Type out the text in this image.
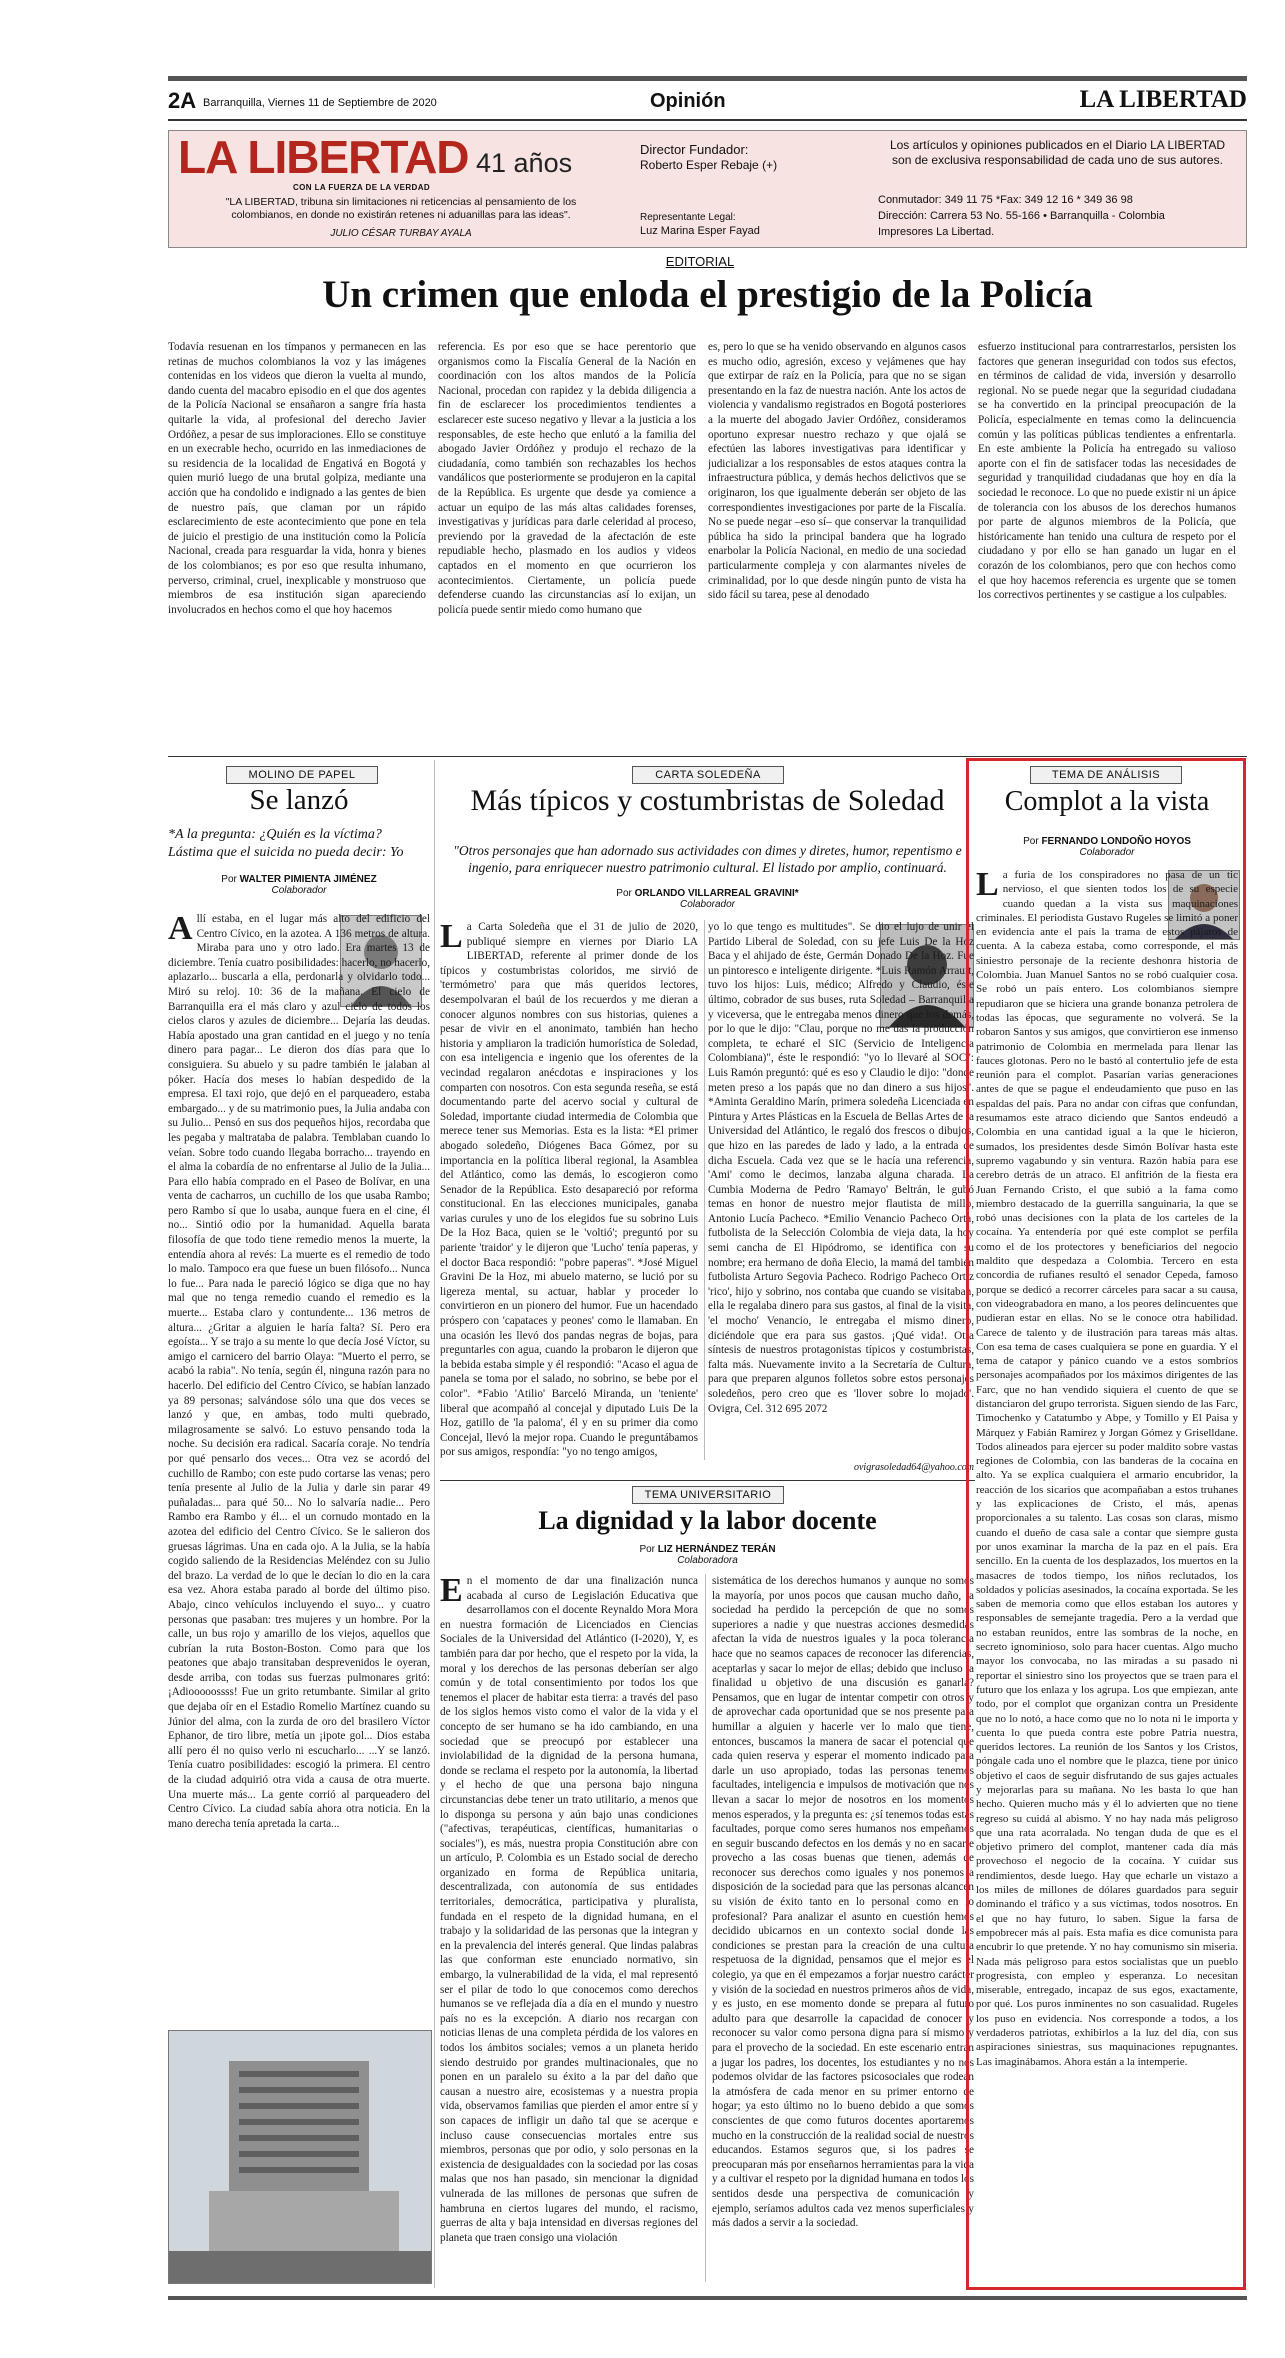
2A Barranquilla, Viernes 11 de Septiembre de 2020	Opinión	LA LIBERTAD
LA LIBERTAD 41 años
CON LA FUERZA DE LA VERDAD
"LA LIBERTAD, tribuna sin limitaciones ni reticencias al pensamiento de los colombianos, en donde no existirán retenes ni aduanillas para las ideas".
JULIO CÉSAR TURBAY AYALA
Director Fundador:
Roberto Esper Rebaje (+)
Representante Legal:
Luz Marina Esper Fayad
Los artículos y opiniones publicados en el Diario LA LIBERTAD son de exclusiva responsabilidad de cada uno de sus autores.
Conmutador: 349 11 75 *Fax: 349 12 16 * 349 36 98
Dirección: Carrera 53 No. 55-166 • Barranquilla - Colombia
Impresores La Libertad.
EDITORIAL
Un crimen que enloda el prestigio de la Policía
Todavía resuenan en los tímpanos y permanecen en las retinas de muchos colombianos la voz y las imágenes contenidas en los videos que dieron la vuelta al mundo, dando cuenta del macabro episodio en el que dos agentes de la Policía Nacional se ensañaron a sangre fría hasta quitarle la vida, al profesional del derecho Javier Ordóñez, a pesar de sus imploraciones. Ello se constituye en un execrable hecho, ocurrido en las inmediaciones de su residencia de la localidad de Engativá en Bogotá y quien murió luego de una brutal golpiza, mediante una acción que ha condolido e indignado a las gentes de bien de nuestro país, que claman por un rápido esclarecimiento de este acontecimiento que pone en tela de juicio el prestigio de una institución como la Policía Nacional, creada para resguardar la vida, honra y bienes de los colombianos; es por eso que resulta inhumano, perverso, criminal, cruel, inexplicable y monstruoso que miembros de esa institución sigan apareciendo involucrados en hechos como el que hoy hacemos
referencia. Es por eso que se hace perentorio que organismos como la Fiscalía General de la Nación en coordinación con los altos mandos de la Policía Nacional, procedan con rapidez y la debida diligencia a fin de esclarecer los procedimientos tendientes a esclarecer este suceso negativo y llevar a la justicia a los responsables, de este hecho que enlutó a la familia del abogado Javier Ordóñez y produjo el rechazo de la ciudadanía, como también son rechazables los hechos vandálicos que posteriormente se produjeron en la capital de la República. Es urgente que desde ya comience a actuar un equipo de las más altas calidades forenses, investigativas y jurídicas para darle celeridad al proceso, previendo por la gravedad de la afectación de este repudiable hecho, plasmado en los audios y videos captados en el momento en que ocurrieron los acontecimientos. Ciertamente, un policía puede defenderse cuando las circunstancias así lo exijan, un policía puede sentir miedo como humano que
es, pero lo que se ha venido observando en algunos casos es mucho odio, agresión, exceso y vejámenes que hay que extirpar de raíz en la Policía, para que no se sigan presentando en la faz de nuestra nación. Ante los actos de violencia y vandalismo registrados en Bogotá posteriores a la muerte del abogado Javier Ordóñez, consideramos oportuno expresar nuestro rechazo y que ojalá se efectúen las labores investigativas para identificar y judicializar a los responsables de estos ataques contra la infraestructura pública, y demás hechos delictivos que se originaron, los que igualmente deberán ser objeto de las correspondientes investigaciones por parte de la Fiscalía. No se puede negar –eso sí– que conservar la tranquilidad pública ha sido la principal bandera que ha logrado enarbolar la Policía Nacional, en medio de una sociedad particularmente compleja y con alarmantes niveles de criminalidad, por lo que desde ningún punto de vista ha sido fácil su tarea, pese al denodado
esfuerzo institucional para contrarrestarlos, persisten los factores que generan inseguridad con todos sus efectos, en términos de calidad de vida, inversión y desarrollo regional. No se puede negar que la seguridad ciudadana se ha convertido en la principal preocupación de la Policía, especialmente en temas como la delincuencia común y las políticas públicas tendientes a enfrentarla. En este ambiente la Policía ha entregado su valioso aporte con el fin de satisfacer todas las necesidades de seguridad y tranquilidad ciudadanas que hoy en día la sociedad le reconoce. Lo que no puede existir ni un ápice de tolerancia con los abusos de los derechos humanos por parte de algunos miembros de la Policía, que históricamente han tenido una cultura de respeto por el ciudadano y por ello se han ganado un lugar en el corazón de los colombianos, pero que con hechos como el que hoy hacemos referencia es urgente que se tomen los correctivos pertinentes y se castigue a los culpables.
MOLINO DE PAPEL
Se lanzó
*A la pregunta: ¿Quién es la víctima? Lástima que el suicida no pueda decir: Yo
Por WALTER PIMIENTA JIMÉNEZ
Colaborador
Allí estaba, en el lugar más alto del edificio del Centro Cívico, en la azotea. A 136 metros de altura. Miraba para uno y otro lado. Era martes 13 de diciembre. Tenía cuatro posibilidades: hacerlo, no hacerlo, aplazarlo... buscarla a ella, perdonarla y olvidarlo todo... Miró su reloj. 10: 36 de la mañana. El cielo de Barranquilla era el más claro y azul cielo de todos los cielos claros y azules de diciembre... Dejaría las deudas. Había apostado una gran cantidad en el juego y no tenía dinero para pagar... Le dieron dos días para que lo consiguiera. Su abuelo y su padre también le jalaban al póker. Hacía dos meses lo habían despedido de la empresa. El taxi rojo, que dejó en el parqueadero, estaba embargado... y de su matrimonio pues, la Julia andaba con su Julio... Pensó en sus dos pequeños hijos, recordaba que les pegaba y maltrataba de palabra. Temblaban cuando lo veían. Sobre todo cuando llegaba borracho... trayendo en el alma la cobardía de no enfrentarse al Julio de la Julia... Para ello había comprado en el Paseo de Bolívar, en una venta de cacharros, un cuchillo de los que usaba Rambo; pero Rambo sí que lo usaba, aunque fuera en el cine, él no... Sintió odio por la humanidad. Aquella barata filosofía de que todo tiene remedio menos la muerte, la entendía ahora al revés: La muerte es el remedio de todo lo malo. Tampoco era que fuese un buen filósofo... Nunca lo fue... Para nada le pareció lógico se diga que no hay mal que no tenga remedio cuando el remedio es la muerte... Estaba claro y contundente... 136 metros de altura... ¿Gritar a alguien le haría falta? Sí. Pero era egoísta... Y se trajo a su mente lo que decía José Víctor, su amigo el carnicero del barrio Olaya: "Muerto el perro, se acabó la rabia". No tenía, según él, ninguna razón para no hacerlo. Del edificio del Centro Cívico, se habían lanzado ya 89 personas; salvándose sólo una que dos veces se lanzó y que, en ambas, todo multi quebrado, milagrosamente se salvó. Lo estuvo pensando toda la noche. Su decisión era radical. Sacaría coraje. No tendría por qué pensarlo dos veces... Otra vez se acordó del cuchillo de Rambo; con este pudo cortarse las venas; pero tenía presente al Julio de la Julia y darle sin parar 49 puñaladas... para qué 50... No lo salvaría nadie... Pero Rambo era Rambo y él... el un cornudo montado en la azotea del edificio del Centro Cívico. Se le salieron dos gruesas lágrimas. Una en cada ojo. A la Julia, se la había cogido saliendo de la Residencias Meléndez con su Julio del brazo. La verdad de lo que le decían lo dio en la cara esa vez. Ahora estaba parado al borde del último piso. Abajo, cinco vehículos incluyendo el suyo... y cuatro personas que pasaban: tres mujeres y un hombre. Por la calle, un bus rojo y amarillo de los viejos, aquellos que cubrían la ruta Boston-Boston. Como para que los peatones que abajo transitaban desprevenidos le oyeran, desde arriba, con todas sus fuerzas pulmonares gritó: ¡Adiooooossss! Fue un grito retumbante. Similar al grito que dejaba oír en el Estadio Romelio Martínez cuando su Júnior del alma, con la zurda de oro del brasilero Víctor Ephanor, de tiro libre, metía un ¡ipote gol... Dios estaba allí pero él no quiso verlo ni escucharlo... ...Y se lanzó. Tenía cuatro posibilidades: escogió la primera. El centro de la ciudad adquirió otra vida a causa de otra muerte. Una muerte más... La gente corrió al parqueadero del Centro Cívico. La ciudad sabía ahora otra noticia. En la mano derecha tenía apretada la carta...
CARTA SOLEDEÑA
Más típicos y costumbristas de Soledad
"Otros personajes que han adornado sus actividades con dimes y diretes, humor, repentismo e ingenio, para enriquecer nuestro patrimonio cultural. El listado por amplio, continuará.
Por ORLANDO VILLARREAL GRAVINI*
Colaborador
La Carta Soledeña que el 31 de julio de 2020, publiqué siempre en viernes por Diario LA LIBERTAD, referente al primer donde de los típicos y costumbristas coloridos, me sirvió de 'termómetro' para que más queridos lectores, desempolvaran el baúl de los recuerdos y me dieran a conocer algunos nombres con sus historias, quienes a pesar de vivir en el anonimato, también han hecho historia y ampliaron la tradición humorística de Soledad, con esa inteligencia e ingenio que los oferentes de la vecindad regalaron anécdotas e inspiraciones y los comparten con nosotros. Con esta segunda reseña, se está documentando parte del acervo social y cultural de Soledad, importante ciudad intermedia de Colombia que merece tener sus Memorias. Esta es la lista: *El primer abogado soledeño, Diógenes Baca Gómez, por su importancia en la política liberal regional, la Asamblea del Atlántico, como las demás, lo escogieron como Senador de la República. Esto desapareció por reforma constitucional. En las elecciones municipales, ganaba varias curules y uno de los elegidos fue su sobrino Luis De la Hoz Baca, quien se le 'voltió'; preguntó por su pariente 'traidor' y le dijeron que 'Lucho' tenía paperas, y el doctor Baca respondió: "pobre paperas". *José Miguel Gravini De la Hoz, mi abuelo materno, se lució por su ligereza mental, su actuar, hablar y proceder lo convirtieron en un pionero del humor. Fue un hacendado próspero con 'capataces y peones' como le llamaban. En una ocasión les llevó dos pandas negras de bojas, para preguntarles con agua, cuando la probaron le dijeron que la bebida estaba simple y él respondió: "Acaso el agua de panela se toma por el salado, no sobrino, se bebe por el color". *Fabio 'Atilio' Barceló Miranda, un 'teniente' liberal que acompañó al concejal y diputado Luis De la Hoz, gatillo de 'la paloma', él y en su primer dia como Concejal, llevó la mejor ropa. Cuando le preguntábamos por sus amigos, respondía: "yo no tengo amigos,
yo lo que tengo es multitudes". Se dio el lujo de unir el Partido Liberal de Soledad, con su jefe Luis De la Hoz Baca y el ahijado de éste, Germán Donado De la Hoz. Fue un pintoresco e inteligente dirigente. *Luis Ramón Arrauit, tuvo los hijos: Luis, médico; Alfredo y Claudio, éste último, cobrador de sus buses, ruta Soledad – Barranquilla y viceversa, que le entregaba menos dinero que los demás, por lo que le dijo: "Clau, porque no me das la producción completa, te echaré el SIC (Servicio de Inteligencia Colombiana)", éste le respondió: "yo lo llevaré al SOC": Luis Ramón preguntó: qué es eso y Claudio le dijo: "donde meten preso a los papás que no dan dinero a sus hijos". *Aminta Geraldino Marín, primera soledeña Licenciada en Pintura y Artes Plásticas en la Escuela de Bellas Artes de la Universidad del Atlántico, le regaló dos frescos o dibujos, que hizo en las paredes de lado y lado, a la entrada de dicha Escuela. Cada vez que se le hacía una referencia, 'Ami' como le decimos, lanzaba alguna charada. La Cumbia Moderna de Pedro 'Ramayo' Beltrán, le gubó temas en honor de nuestro mejor flautista de millo, Antonio Lucía Pacheco. *Emilio Venancio Pacheco Orta, futbolista de la Selección Colombia de vieja data, la hoy semi cancha de El Hipódromo, se identifica con su nombre; era hermano de doña Elecio, la mamá del también futbolista Arturo Segovia Pacheco. Rodrigo Pacheco Ortiz 'rico', hijo y sobrino, nos contaba que cuando se visitaban, ella le regalaba dinero para sus gastos, al final de la visita, 'el mocho' Venancio, le entregaba el mismo dinero, diciéndole que era para sus gastos. ¡Qué vida!. Otra síntesis de nuestros protagonistas típicos y costumbristas, falta más. Nuevamente invito a la Secretaría de Cultura, para que preparen algunos folletos sobre estos personajes soledeños, pero creo que es 'llover sobre lo mojado'. Ovigra, Cel. 312 695 2072
ovigrasoledad64@yahoo.com
TEMA UNIVERSITARIO
La dignidad y la labor docente
Por LIZ HERNÁNDEZ TERÁN
Colaboradora
En el momento de dar una finalización nunca acabada al curso de Legislación Educativa que desarrollamos con el docente Reynaldo Mora Mora en nuestra formación de Licenciados en Ciencias Sociales de la Universidad del Atlántico (I-2020), Y, es también para dar por hecho, que el respeto por la vida, la moral y los derechos de las personas deberían ser algo común y de total consentimiento por todos los que tenemos el placer de habitar esta tierra: a través del paso de los siglos hemos visto como el valor de la vida y el concepto de ser humano se ha ido cambiando, en una sociedad que se preocupó por establecer una inviolabilidad de la dignidad de la persona humana, donde se reclama el respeto por la autonomía, la libertad y el hecho de que una persona bajo ninguna circunstancias debe tener un trato utilitario, a menos que lo disponga su persona y aún bajo unas condiciones ("afectivas, terapéuticas, científicas, humanitarias o sociales"), es más, nuestra propia Constitución abre con un artículo, P. Colombia es un Estado social de derecho organizado en forma de República unitaria, descentralizada, con autonomía de sus entidades territoriales, democrática, participativa y pluralista, fundada en el respeto de la dignidad humana, en el trabajo y la solidaridad de las personas que la integran y en la prevalencia del interés general. Que lindas palabras las que conforman este enunciado normativo, sin embargo, la vulnerabilidad de la vida, el mal representó ser el pilar de todo lo que conocemos como derechos humanos se ve reflejada día a día en el mundo y nuestro país no es la excepción. A diario nos recargan con noticias llenas de una completa pérdida de los valores en todos los ámbitos sociales; vemos a un planeta herido siendo destruido por grandes multinacionales, que no ponen en un paralelo su éxito a la par del daño que causan a nuestro aire, ecosistemas y a nuestra propia vida, observamos familias que pierden el amor entre sí y son capaces de infligir un daño tal que se acerque e incluso cause consecuencias mortales entre sus miembros, personas que por odio, y solo personas en la existencia de desigualdades con la sociedad por las cosas malas que nos han pasado, sin mencionar la dignidad vulnerada de las millones de personas que sufren de hambruna en ciertos lugares del mundo, el racismo, guerras de alta y baja intensidad en diversas regiones del planeta que traen consigo una violación
sistemática de los derechos humanos y aunque no somos la mayoría, por unos pocos que causan mucho daño, la sociedad ha perdido la percepción de que no somos superiores a nadie y que nuestras acciones desmedidas afectan la vida de nuestros iguales y la poca tolerancia hace que no seamos capaces de reconocer las diferencias, aceptarlas y sacar lo mejor de ellas; debido que incluso la finalidad u objetivo de una discusión es ganarla? Pensamos, que en lugar de intentar competir con otros y de aprovechar cada oportunidad que se nos presente para humillar a alguien y hacerle ver lo malo que tiene, entonces, buscamos la manera de sacar el potencial que cada quien reserva y esperar el momento indicado para darle un uso apropiado, todas las personas tenemos facultades, inteligencia e impulsos de motivación que nos llevan a sacar lo mejor de nosotros en los momentos menos esperados, y la pregunta es: ¿sí tenemos todas estas facultades, porque como seres humanos nos empeñamos en seguir buscando defectos en los demás y no en sacarle provecho a las cosas buenas que tienen, además de reconocer sus derechos como iguales y nos ponemos a disposición de la sociedad para que las personas alcancen su visión de éxito tanto en lo personal como en lo profesional? Para analizar el asunto en cuestión hemos decidido ubicarnos en un contexto social donde las condiciones se prestan para la creación de una cultura respetuosa de la dignidad, pensamos que el mejor es el colegio, ya que en él empezamos a forjar nuestro carácter y visión de la sociedad en nuestros primeros años de vida, y es justo, en ese momento donde se prepara al futuro adulto para que desarrolle la capacidad de conocer y reconocer su valor como persona digna para sí mismo y para el provecho de la sociedad. En este escenario entran a jugar los padres, los docentes, los estudiantes y no nos podemos olvidar de las factores psicosociales que rodean la atmósfera de cada menor en su primer entorno de hogar; ya esto último no lo bueno debido a que somos conscientes de que como futuros docentes aportaremos mucho en la construcción de la realidad social de nuestros educandos. Estamos seguros que, si los padres se preocuparan más por enseñarnos herramientas para la vida y a cultivar el respeto por la dignidad humana en todos los sentidos desde una perspectiva de comunicación y ejemplo, seríamos adultos cada vez menos superficiales y más dados a servir a la sociedad.
TEMA DE ANÁLISIS
Complot a la vista
Por FERNANDO LONDOÑO HOYOS
Colaborador
La furia de los conspiradores no pasa de un tic nervioso, el que sienten todos los de su especie cuando quedan a la vista sus maquinaciones criminales. El periodista Gustavo Rugeles se limitó a poner en evidencia ante el país la trama de estos pájaros de cuenta. A la cabeza estaba, como corresponde, el más siniestro personaje de la reciente deshonra historia de Colombia. Juan Manuel Santos no se robó cualquier cosa. Se robó un país entero. Los colombianos siempre repudiaron que se hiciera una grande bonanza petrolera de todas las épocas, que seguramente no volverá. Se la robaron Santos y sus amigos, que convirtieron ese inmenso patrimonio de Colombia en mermelada para llenar las fauces glotonas. Pero no le bastó al contertulio jefe de esta reunión para el complot. Pasarían varias generaciones antes de que se pague el endeudamiento que puso en las espaldas del país. Para no andar con cifras que confundan, resumamos este atraco diciendo que Santos endeudó a Colombia en una cantidad igual a la que le hicieron, sumados, los presidentes desde Simón Bolívar hasta este supremo vagabundo y sin ventura. Razón había para ese cerebro detrás de un atraco. El anfitrión de la fiesta era Juan Fernando Cristo, el que subió a la fama como miembro destacado de la guerrilla sanguinaria, la que se robó unas decisiones con la plata de los carteles de la cocaína. Ya entendería por qué este complot se perfila como el de los protectores y beneficiarios del negocio maldito que despedaza a Colombia. Tercero en esta concordia de rufianes resultó el senador Cepeda, famoso porque se dedicó a recorrer cárceles para sacar a su causa, con videograbadora en mano, a los peores delincuentes que pudieran estar en ellas. No se le conoce otra habilidad. Carece de talento y de ilustración para tareas más altas. Con esa tema de cases cualquiera se pone en guardia. Y el tema de catapor y pánico cuando ve a estos sombríos personajes acompañados por los máximos dirigentes de las Farc, que no han vendido siquiera el cuento de que se distanciaron del grupo terrorista. Siguen siendo de las Farc, Timochenko y Catatumbo y Abpe, y Tomillo y El Paisa y Márquez y Fabián Ramírez y Jorgan Gómez y Griselldane. Todos alineados para ejercer su poder maldito sobre vastas regiones de Colombia, con las banderas de la cocaína en alto. Ya se explica cualquiera el armario encubridor, la reacción de los sicarios que acompañaban a estos truhanes y las explicaciones de Cristo, el más, apenas proporcionales a su talento. Las cosas son claras, mismo cuando el dueño de casa sale a contar que siempre gusta por unos examinar la marcha de la paz en el país. Era sencillo. En la cuenta de los desplazados, los muertos en la masacres de todos tiempo, los niños reclutados, los soldados y policías asesinados, la cocaína exportada. Se les saben de memoria como que ellos estaban los autores y responsables de semejante tragedia. Pero a la verdad que no estaban reunidos, entre las sombras de la noche, en secreto ignominioso, solo para hacer cuentas. Algo mucho mayor los convocaba, no las miradas a su pasado ni reportar el siniestro sino los proyectos que se traen para el futuro que los enlaza y los agrupa. Los que empiezan, ante todo, por el complot que organizan contra un Presidente que no lo notó, a hace como que no lo nota ni le importa y cuenta lo que pueda contra este pobre Patria nuestra, queridos lectores. La reunión de los Santos y los Cristos, póngale cada uno el nombre que le plazca, tiene por único objetivo el caos de seguir disfrutando de sus gajes actuales y mejorarlas para su mañana. No les basta lo que han hecho. Quieren mucho más y él lo advierten que no tiene regreso su cuidá al abismo. Y no hay nada más peligroso que una rata acorralada. No tengan duda de que es el objetivo primero del complot, mantener cada día más provechoso el negocio de la cocaína. Y cuidar sus rendimientos, desde luego. Hay que echarle un vistazo a los miles de millones de dólares guardados para seguir dominando el tráfico y a sus víctimas, todos nosotros. En el que no hay futuro, lo saben. Sigue la farsa de empobrecer más al país. Esta mafia es dice comunista para encubrir lo que pretende. Y no hay comunismo sin miseria. Nada más peligroso para estos socialistas que un pueblo progresista, con empleo y esperanza. Lo necesitan miserable, entregado, incapaz de sus egos, exactamente, por qué. Los puros inminentes no son casualidad. Rugeles los puso en evidencia. Nos corresponde a todos, a los verdaderos patriotas, exhibirlos a la luz del día, con sus aspiraciones siniestras, sus maquinaciones repugnantes. Las imaginábamos. Ahora están a la intemperie.
